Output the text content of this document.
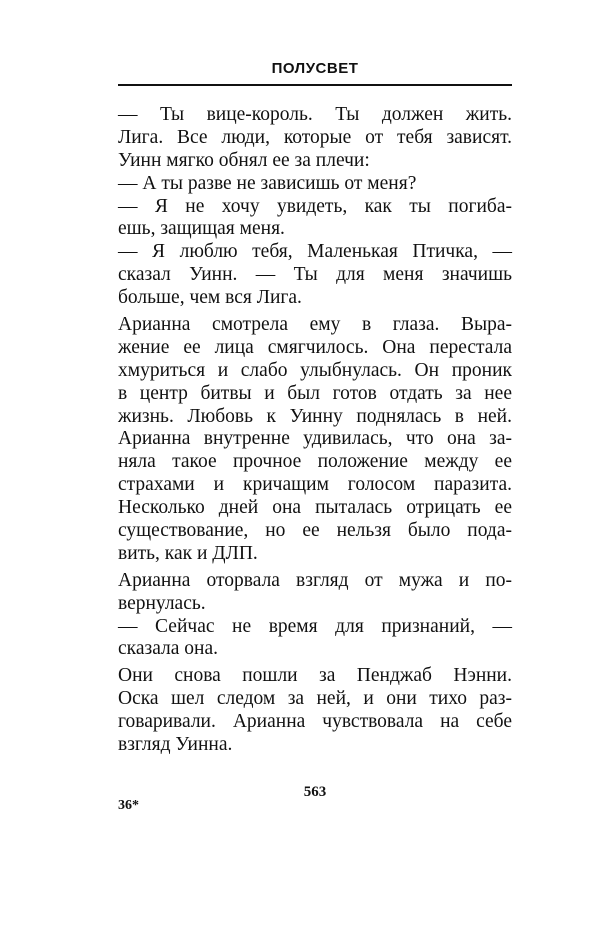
ПОЛУСВЕТ
— Ты вице-король. Ты должен жить.
Лига. Все люди, которые от тебя зависят.
Уинн мягко обнял ее за плечи:
— А ты разве не зависишь от меня?
— Я не хочу увидеть, как ты погиба-
ешь, защищая меня.
— Я люблю тебя, Маленькая Птичка, —
сказал Уинн. — Ты для меня значишь
больше, чем вся Лига.
Арианна смотрела ему в глаза. Выра-
жение ее лица смягчилось. Она перестала
хмуриться и слабо улыбнулась. Он проник
в центр битвы и был готов отдать за нее
жизнь. Любовь к Уинну поднялась в ней.
Арианна внутренне удивилась, что она за-
няла такое прочное положение между ее
страхами и кричащим голосом паразита.
Несколько дней она пыталась отрицать ее
существование, но ее нельзя было пода-
вить, как и ДЛП.
Арианна оторвала взгляд от мужа и по-
вернулась.
— Сейчас не время для признаний, —
сказала она.
Они снова пошли за Пенджаб Нэнни.
Оска шел следом за ней, и они тихо раз-
говаривали. Арианна чувствовала на себе
взгляд Уинна.
563
36*
